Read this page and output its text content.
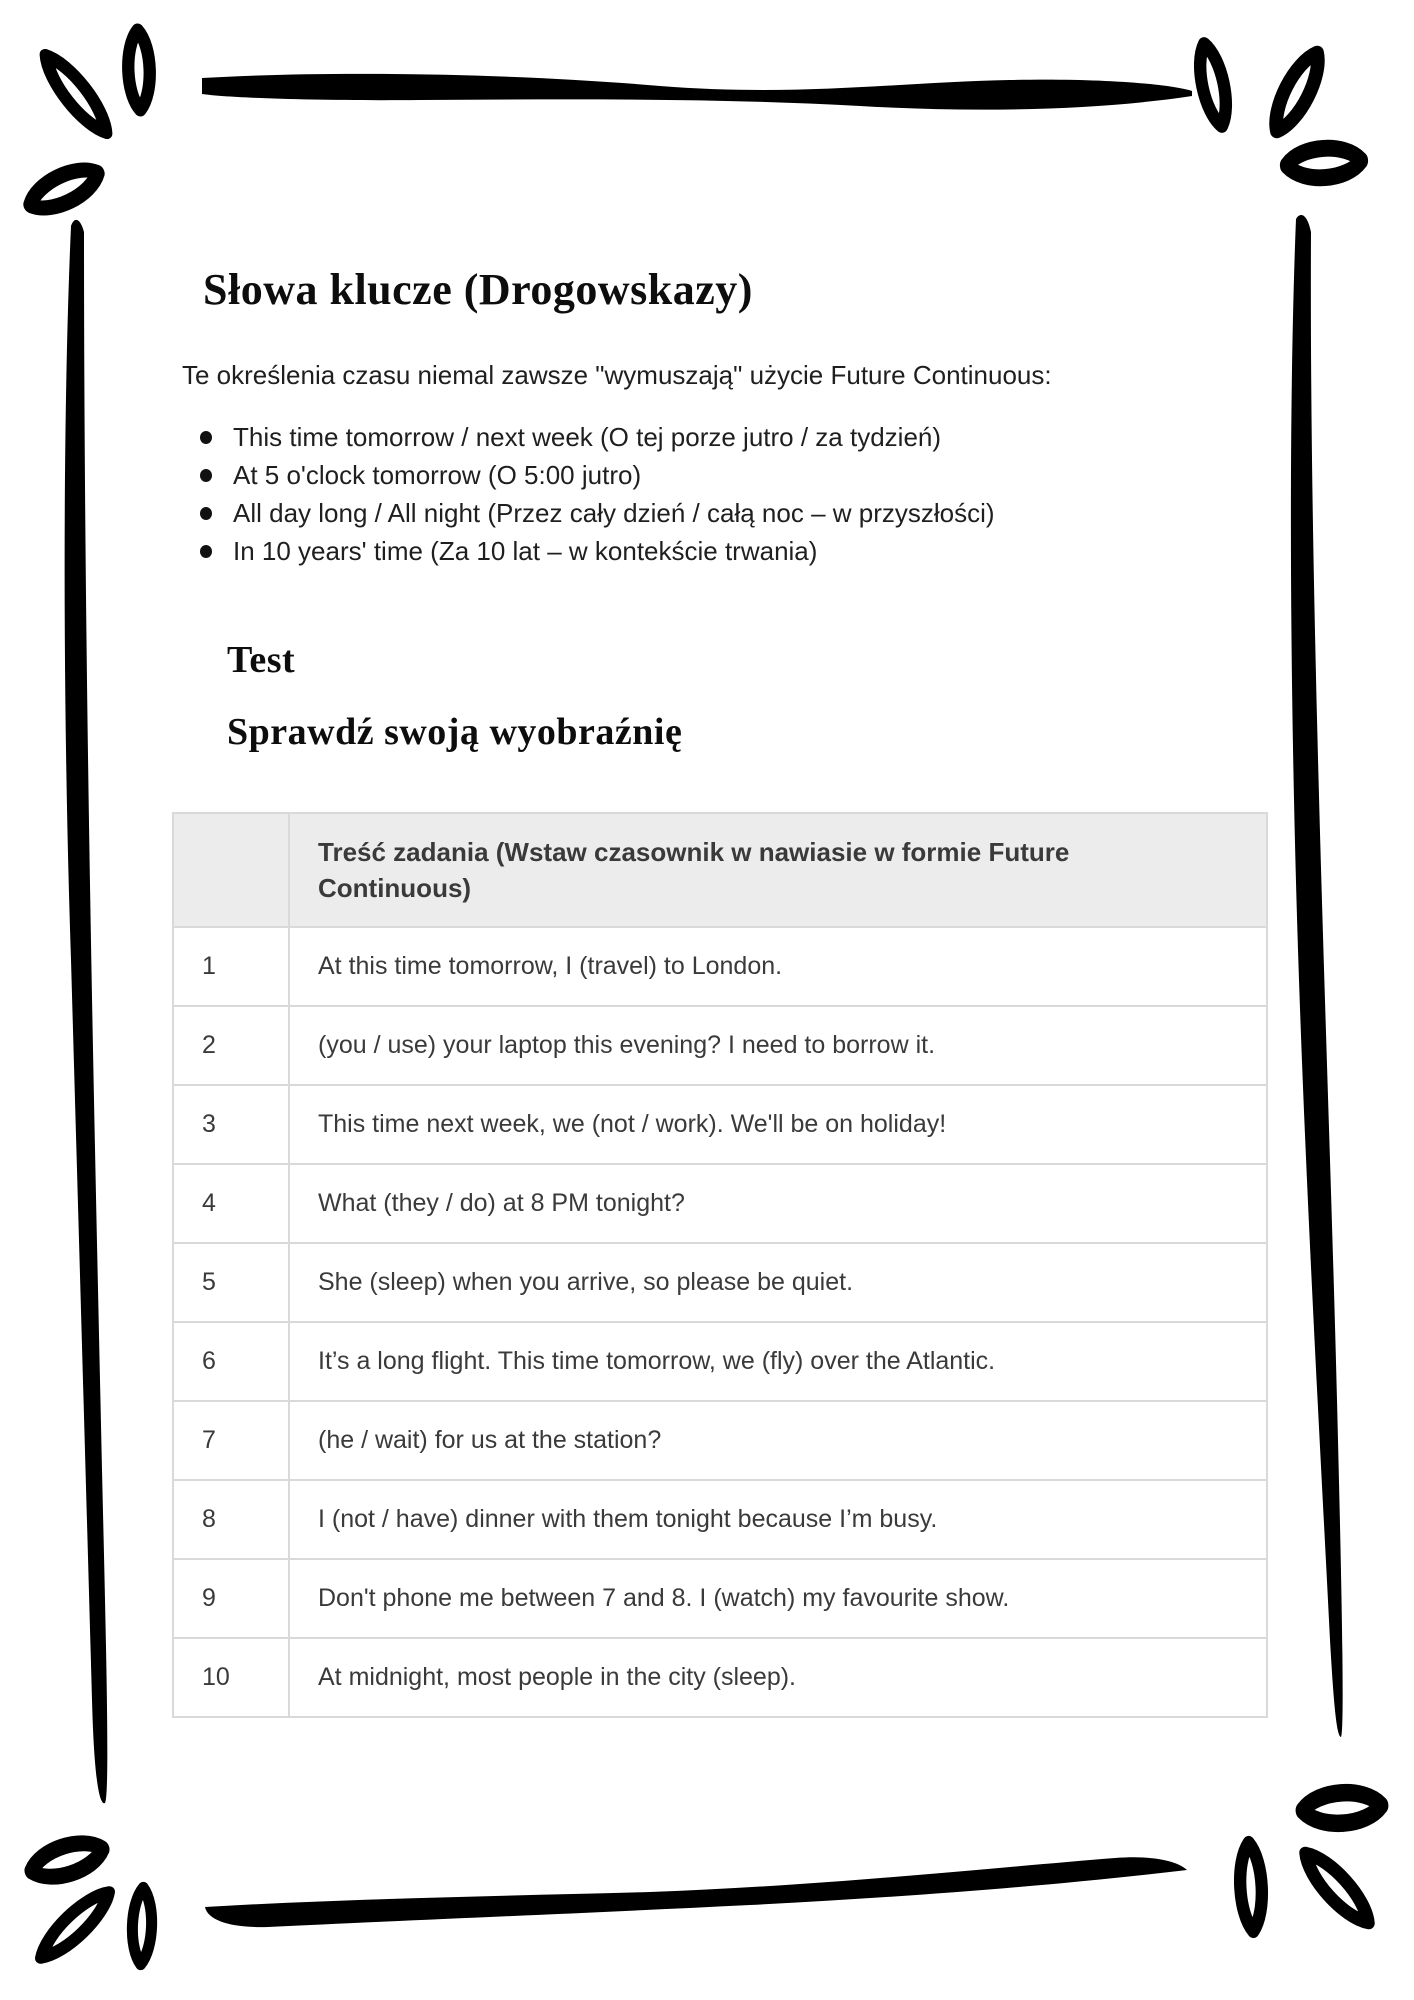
Słowa klucze (Drogowskazy)

Te określenia czasu niemal zawsze "wymuszają" użycie Future Continuous:

This time tomorrow / next week (O tej porze jutro / za tydzień)
At 5 o'clock tomorrow (O 5:00 jutro)
All day long / All night (Przez cały dzień / całą noc – w przyszłości)
In 10 years' time (Za 10 lat – w kontekście trwania)
Test
Sprawdź swoją wyobraźnię

	Treść zadania (Wstaw czasownik w nawiasie w formie Future Continuous)

1	At this time tomorrow, I (travel) to London.
2	(you / use) your laptop this evening? I need to borrow it.
3	This time next week, we (not / work). We'll be on holiday!
4	What (they / do) at 8 PM tonight?
5	She (sleep) when you arrive, so please be quiet.
6	It’s a long flight. This time tomorrow, we (fly) over the Atlantic.
7	(he / wait) for us at the station?
8	I (not / have) dinner with them tonight because I’m busy.
9	Don't phone me between 7 and 8. I (watch) my favourite show.
10	At midnight, most people in the city (sleep).
